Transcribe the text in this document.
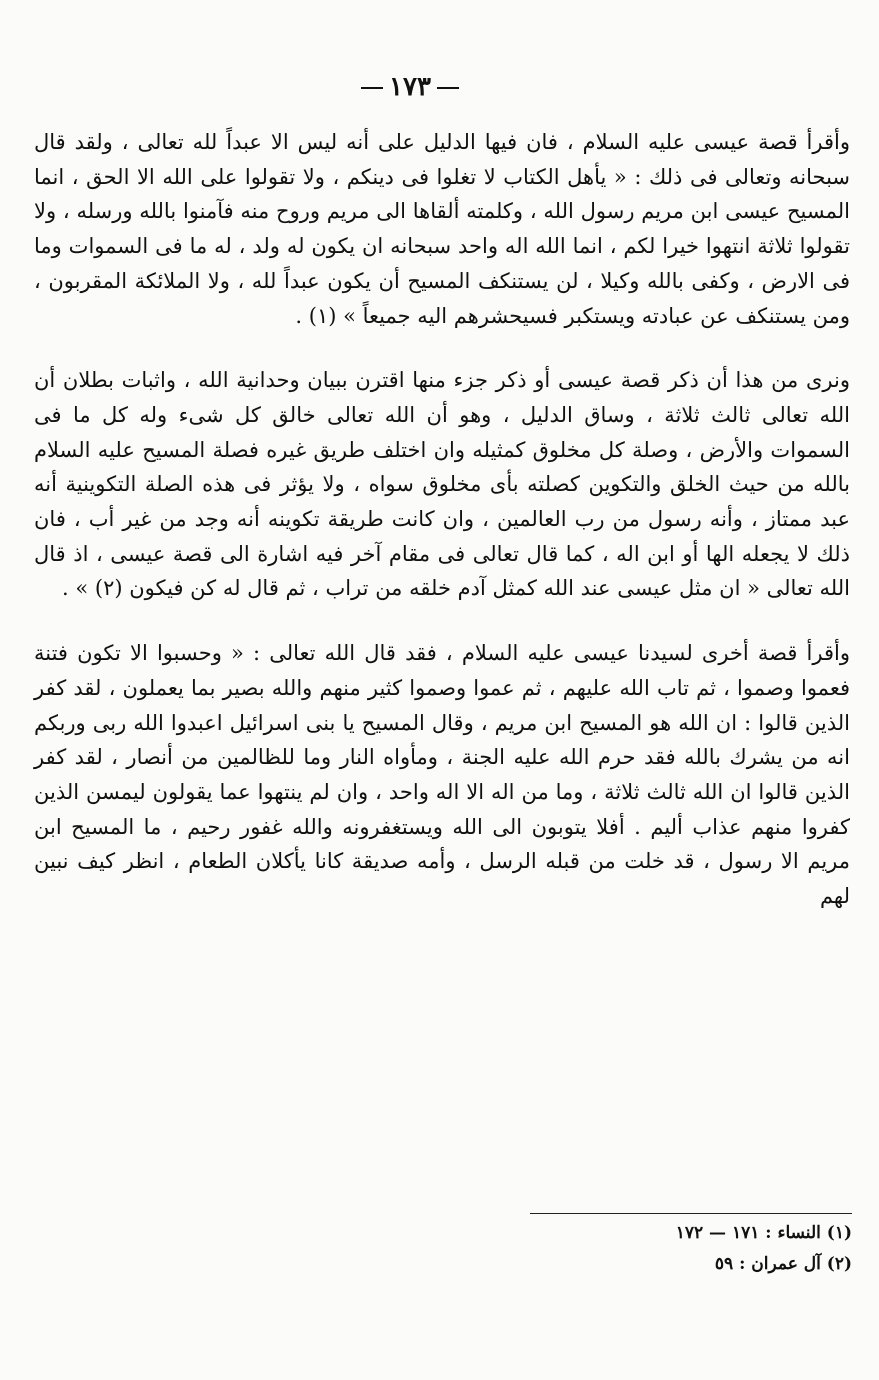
١٧٣

وأقرأ قصة عيسى عليه السلام ، فان فيها الدليل على أنه ليس الا عبداً لله تعالى ، ولقد قال سبحانه وتعالى فى ذلك : « يأهل الكتاب لا تغلوا فى دينكم ، ولا تقولوا على الله الا الحق ، انما المسيح عيسى ابن مريم رسول الله ، وكلمته ألقاها الى مريم وروح منه فآمنوا بالله ورسله ، ولا تقولوا ثلاثة انتهوا خيرا لكم ، انما الله اله واحد سبحانه ان يكون له ولد ، له ما فى السموات وما فى الارض ، وكفى بالله وكيلا ، لن يستنكف المسيح أن يكون عبداً لله ، ولا الملائكة المقربون ، ومن يستنكف عن عبادته ويستكبر فسيحشرهم اليه جميعاً » (١) .

ونرى من هذا أن ذكر قصة عيسى أو ذكر جزء منها اقترن ببيان وحدانية الله ، واثبات بطلان أن الله تعالى ثالث ثلاثة ، وساق الدليل ، وهو أن الله تعالى خالق كل شىء وله كل ما فى السموات والأرض ، وصلة كل مخلوق كمثيله وان اختلف طريق غيره فصلة المسيح عليه السلام بالله من حيث الخلق والتكوين كصلته بأى مخلوق سواه ، ولا يؤثر فى هذه الصلة التكوينية أنه عبد ممتاز ، وأنه رسول من رب العالمين ، وان كانت طريقة تكوينه أنه وجد من غير أب ، فان ذلك لا يجعله الها أو ابن اله ، كما قال تعالى فى مقام آخر فيه اشارة الى قصة عيسى ، اذ قال الله تعالى « ان مثل عيسى عند الله كمثل آدم خلقه من تراب ، ثم قال له كن فيكون (٢) » .

وأقرأ قصة أخرى لسيدنا عيسى عليه السلام ، فقد قال الله تعالى : « وحسبوا الا تكون فتنة فعموا وصموا ، ثم تاب الله عليهم ، ثم عموا وصموا كثير منهم والله بصير بما يعملون ، لقد كفر الذين قالوا : ان الله هو المسيح ابن مريم ، وقال المسيح يا بنى اسرائيل اعبدوا الله ربى وربكم انه من يشرك بالله فقد حرم الله عليه الجنة ، ومأواه النار وما للظالمين من أنصار ، لقد كفر الذين قالوا ان الله ثالث ثلاثة ، وما من اله الا اله واحد ، وان لم ينتهوا عما يقولون ليمسن الذين كفروا منهم عذاب أليم . أفلا يتوبون الى الله ويستغفرونه والله غفور رحيم ، ما المسيح ابن مريم الا رسول ، قد خلت من قبله الرسل ، وأمه صديقة كانا يأكلان الطعام ، انظر كيف نبين لهم

(١) النساء : ١٧١ — ١٧٢
(٢) آل عمران : ٥٩
